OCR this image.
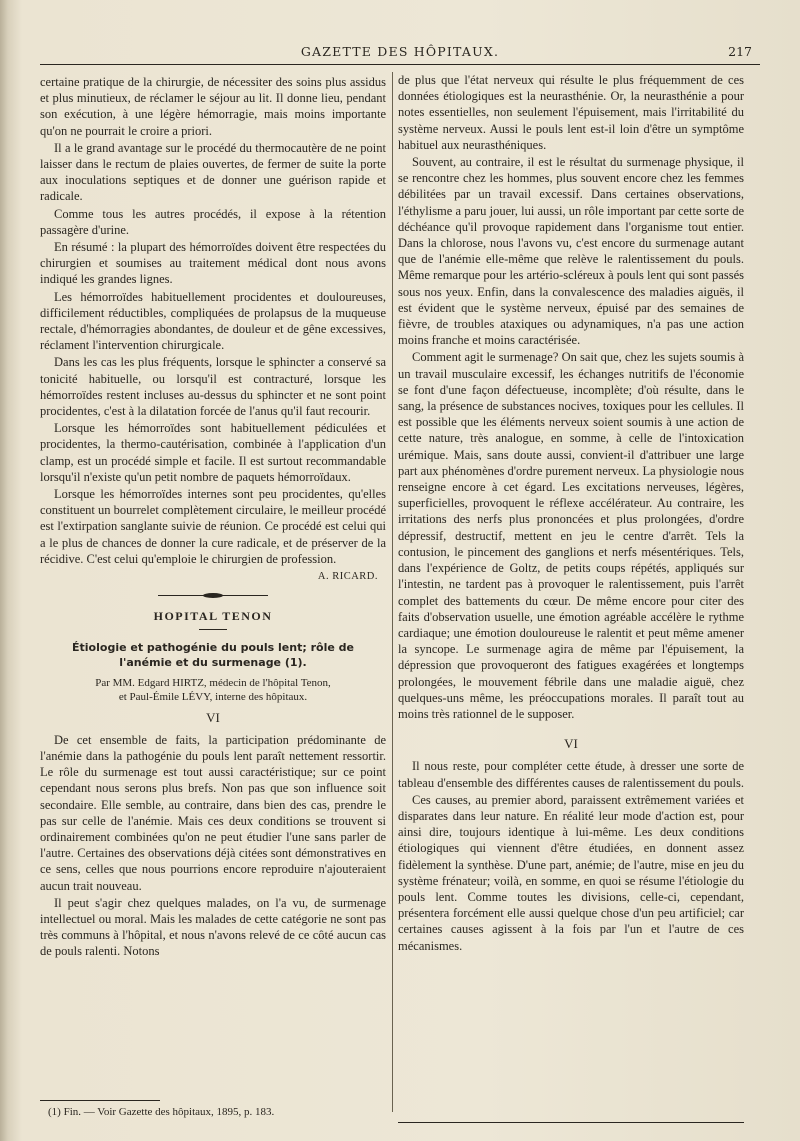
GAZETTE DES HÔPITAUX.	217

certaine pratique de la chirurgie, de nécessiter des soins plus assidus et plus minutieux, de réclamer le séjour au lit. Il donne lieu, pendant son exécution, à une légère hémorragie, mais moins importante qu'on ne pourrait le croire a priori.

Il a le grand avantage sur le procédé du thermocautère de ne point laisser dans le rectum de plaies ouvertes, de fermer de suite la porte aux inoculations septiques et de donner une guérison rapide et radicale.

Comme tous les autres procédés, il expose à la rétention passagère d'urine.

En résumé : la plupart des hémorroïdes doivent être respectées du chirurgien et soumises au traitement médical dont nous avons indiqué les grandes lignes.

Les hémorroïdes habituellement procidentes et douloureuses, difficilement réductibles, compliquées de prolapsus de la muqueuse rectale, d'hémorragies abondantes, de douleur et de gêne excessives, réclament l'intervention chirurgicale.

Dans les cas les plus fréquents, lorsque le sphincter a conservé sa tonicité habituelle, ou lorsqu'il est contracturé, lorsque les hémorroïdes restent incluses au-dessus du sphincter et ne sont point procidentes, c'est à la dilatation forcée de l'anus qu'il faut recourir.

Lorsque les hémorroïdes sont habituellement pédiculées et procidentes, la thermo-cautérisation, combinée à l'application d'un clamp, est un procédé simple et facile. Il est surtout recommandable lorsqu'il n'existe qu'un petit nombre de paquets hémorroïdaux.

Lorsque les hémorroïdes internes sont peu procidentes, qu'elles constituent un bourrelet complètement circulaire, le meilleur procédé est l'extirpation sanglante suivie de réunion. Ce procédé est celui qui a le plus de chances de donner la cure radicale, et de préserver de la récidive. C'est celui qu'emploie le chirurgien de profession.

A. RICARD.
HOPITAL TENON
Étiologie et pathogénie du pouls lent; rôle de l'anémie et du surmenage (1).
Par MM. Edgard HIRTZ, médecin de l'hôpital Tenon,
et Paul-Émile LÉVY, interne des hôpitaux.
VI

De cet ensemble de faits, la participation prédominante de l'anémie dans la pathogénie du pouls lent paraît nettement ressortir. Le rôle du surmenage est tout aussi caractéristique; sur ce point cependant nous serons plus brefs. Non pas que son influence soit secondaire. Elle semble, au contraire, dans bien des cas, prendre le pas sur celle de l'anémie. Mais ces deux conditions se trouvent si ordinairement combinées qu'on ne peut étudier l'une sans parler de l'autre. Certaines des observations déjà citées sont démonstratives en ce sens, celles que nous pourrions encore reproduire n'ajouteraient aucun trait nouveau.

Il peut s'agir chez quelques malades, on l'a vu, de surmenage intellectuel ou moral. Mais les malades de cette catégorie ne sont pas très communs à l'hôpital, et nous n'avons relevé de ce côté aucun cas de pouls ralenti. Notons

(1) Fin. — Voir Gazette des hôpitaux, 1895, p. 183.

de plus que l'état nerveux qui résulte le plus fréquemment de ces données étiologiques est la neurasthénie. Or, la neurasthénie a pour notes essentielles, non seulement l'épuisement, mais l'irritabilité du système nerveux. Aussi le pouls lent est-il loin d'être un symptôme habituel aux neurasthéniques.

Souvent, au contraire, il est le résultat du surmenage physique, il se rencontre chez les hommes, plus souvent encore chez les femmes débilitées par un travail excessif. Dans certaines observations, l'éthylisme a paru jouer, lui aussi, un rôle important par cette sorte de déchéance qu'il provoque rapidement dans l'organisme tout entier. Dans la chlorose, nous l'avons vu, c'est encore du surmenage autant que de l'anémie elle-même que relève le ralentissement du pouls. Même remarque pour les artério-scléreux à pouls lent qui sont passés sous nos yeux. Enfin, dans la convalescence des maladies aiguës, il est évident que le système nerveux, épuisé par des semaines de fièvre, de troubles ataxiques ou adynamiques, n'a pas une action moins franche et moins caractérisée.

Comment agit le surmenage? On sait que, chez les sujets soumis à un travail musculaire excessif, les échanges nutritifs de l'économie se font d'une façon défectueuse, incomplète; d'où résulte, dans le sang, la présence de substances nocives, toxiques pour les cellules. Il est possible que les éléments nerveux soient soumis à une action de cette nature, très analogue, en somme, à celle de l'intoxication urémique. Mais, sans doute aussi, convient-il d'attribuer une large part aux phénomènes d'ordre purement nerveux. La physiologie nous renseigne encore à cet égard. Les excitations nerveuses, légères, superficielles, provoquent le réflexe accélérateur. Au contraire, les irritations des nerfs plus prononcées et plus prolongées, d'ordre dépressif, destructif, mettent en jeu le centre d'arrêt. Tels la contusion, le pincement des ganglions et nerfs mésentériques. Tels, dans l'expérience de Goltz, de petits coups répétés, appliqués sur l'intestin, ne tardent pas à provoquer le ralentissement, puis l'arrêt complet des battements du cœur. De même encore pour citer des faits d'observation usuelle, une émotion agréable accélère le rythme cardiaque; une émotion douloureuse le ralentit et peut même amener la syncope. Le surmenage agira de même par l'épuisement, la dépression que provoqueront des fatigues exagérées et longtemps prolongées, le mouvement fébrile dans une maladie aiguë, chez quelques-uns même, les préoccupations morales. Il paraît tout au moins très rationnel de le supposer.

VI

Il nous reste, pour compléter cette étude, à dresser une sorte de tableau d'ensemble des différentes causes de ralentissement du pouls.

Ces causes, au premier abord, paraissent extrêmement variées et disparates dans leur nature. En réalité leur mode d'action est, pour ainsi dire, toujours identique à lui-même. Les deux conditions étiologiques qui viennent d'être étudiées, en donnent assez fidèlement la synthèse. D'une part, anémie; de l'autre, mise en jeu du système frénateur; voilà, en somme, en quoi se résume l'étiologie du pouls lent. Comme toutes les divisions, celle-ci, cependant, présentera forcément elle aussi quelque chose d'un peu artificiel; car certaines causes agissent à la fois par l'un et l'autre de ces mécanismes.
